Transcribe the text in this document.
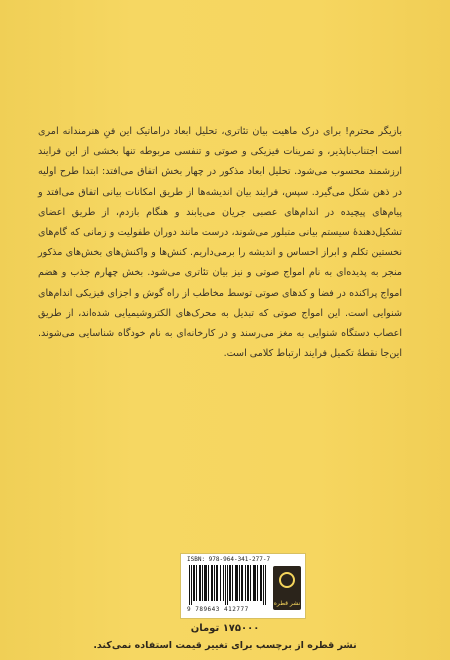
بازیگر محترم! برای درک ماهیت بیان تئاتری، تحلیل ابعاد دراماتیک این فنِ هنرمندانه امری است اجتناب‌ناپذیر، و تمرینات فیزیکی و صوتی و تنفسی مربوطه تنها بخشی از این فرایند ارزشمند محسوب می‌شود. تحلیل ابعاد مذکور در چهار بخش اتفاق می‌افتد: ابتدا طرح اولیه در ذهن شکل می‌گیرد. سپس، فرایند بیان اندیشه‌ها از طریق امکانات بیانی اتفاق می‌افتد و پیام‌های پیچیده در اندام‌های عصبی جریان می‌یابند و هنگام بازدم، از طریق اعضای تشکیل‌دهندهٔ سیستم بیانی متبلور می‌شوند، درست مانند دوران طفولیت و زمانی که گام‌های نخستین تکلم و ابراز احساس و اندیشه را برمی‌داریم. کنش‌ها و واکنش‌های بخش‌های مذکور منجر به پدیده‌ای به نام امواج صوتی و نیز بیان تئاتری می‌شود. بخش چهارم جذب و هضم امواج پراکنده در فضا و کدهای صوتی توسط مخاطب از راه گوش و اجزای فیزیکی اندام‌های شنوایی است. این امواج صوتی که تبدیل به محرک‌های الکتروشیمیایی شده‌اند، از طریق اعصاب دستگاه شنوایی به مغز می‌رسند و در کارخانه‌ای به نام خودگاه شناسایی می‌شوند. این‌جا نقطهٔ تکمیل فرایند ارتباط کلامی است.

ISBN: 978-964-341-277-7
9 789643 412777
نشر قطره
۱۷۵۰۰۰ تومان
نشر قطره از برچسب برای تغییر قیمت استفاده نمی‌کند.
